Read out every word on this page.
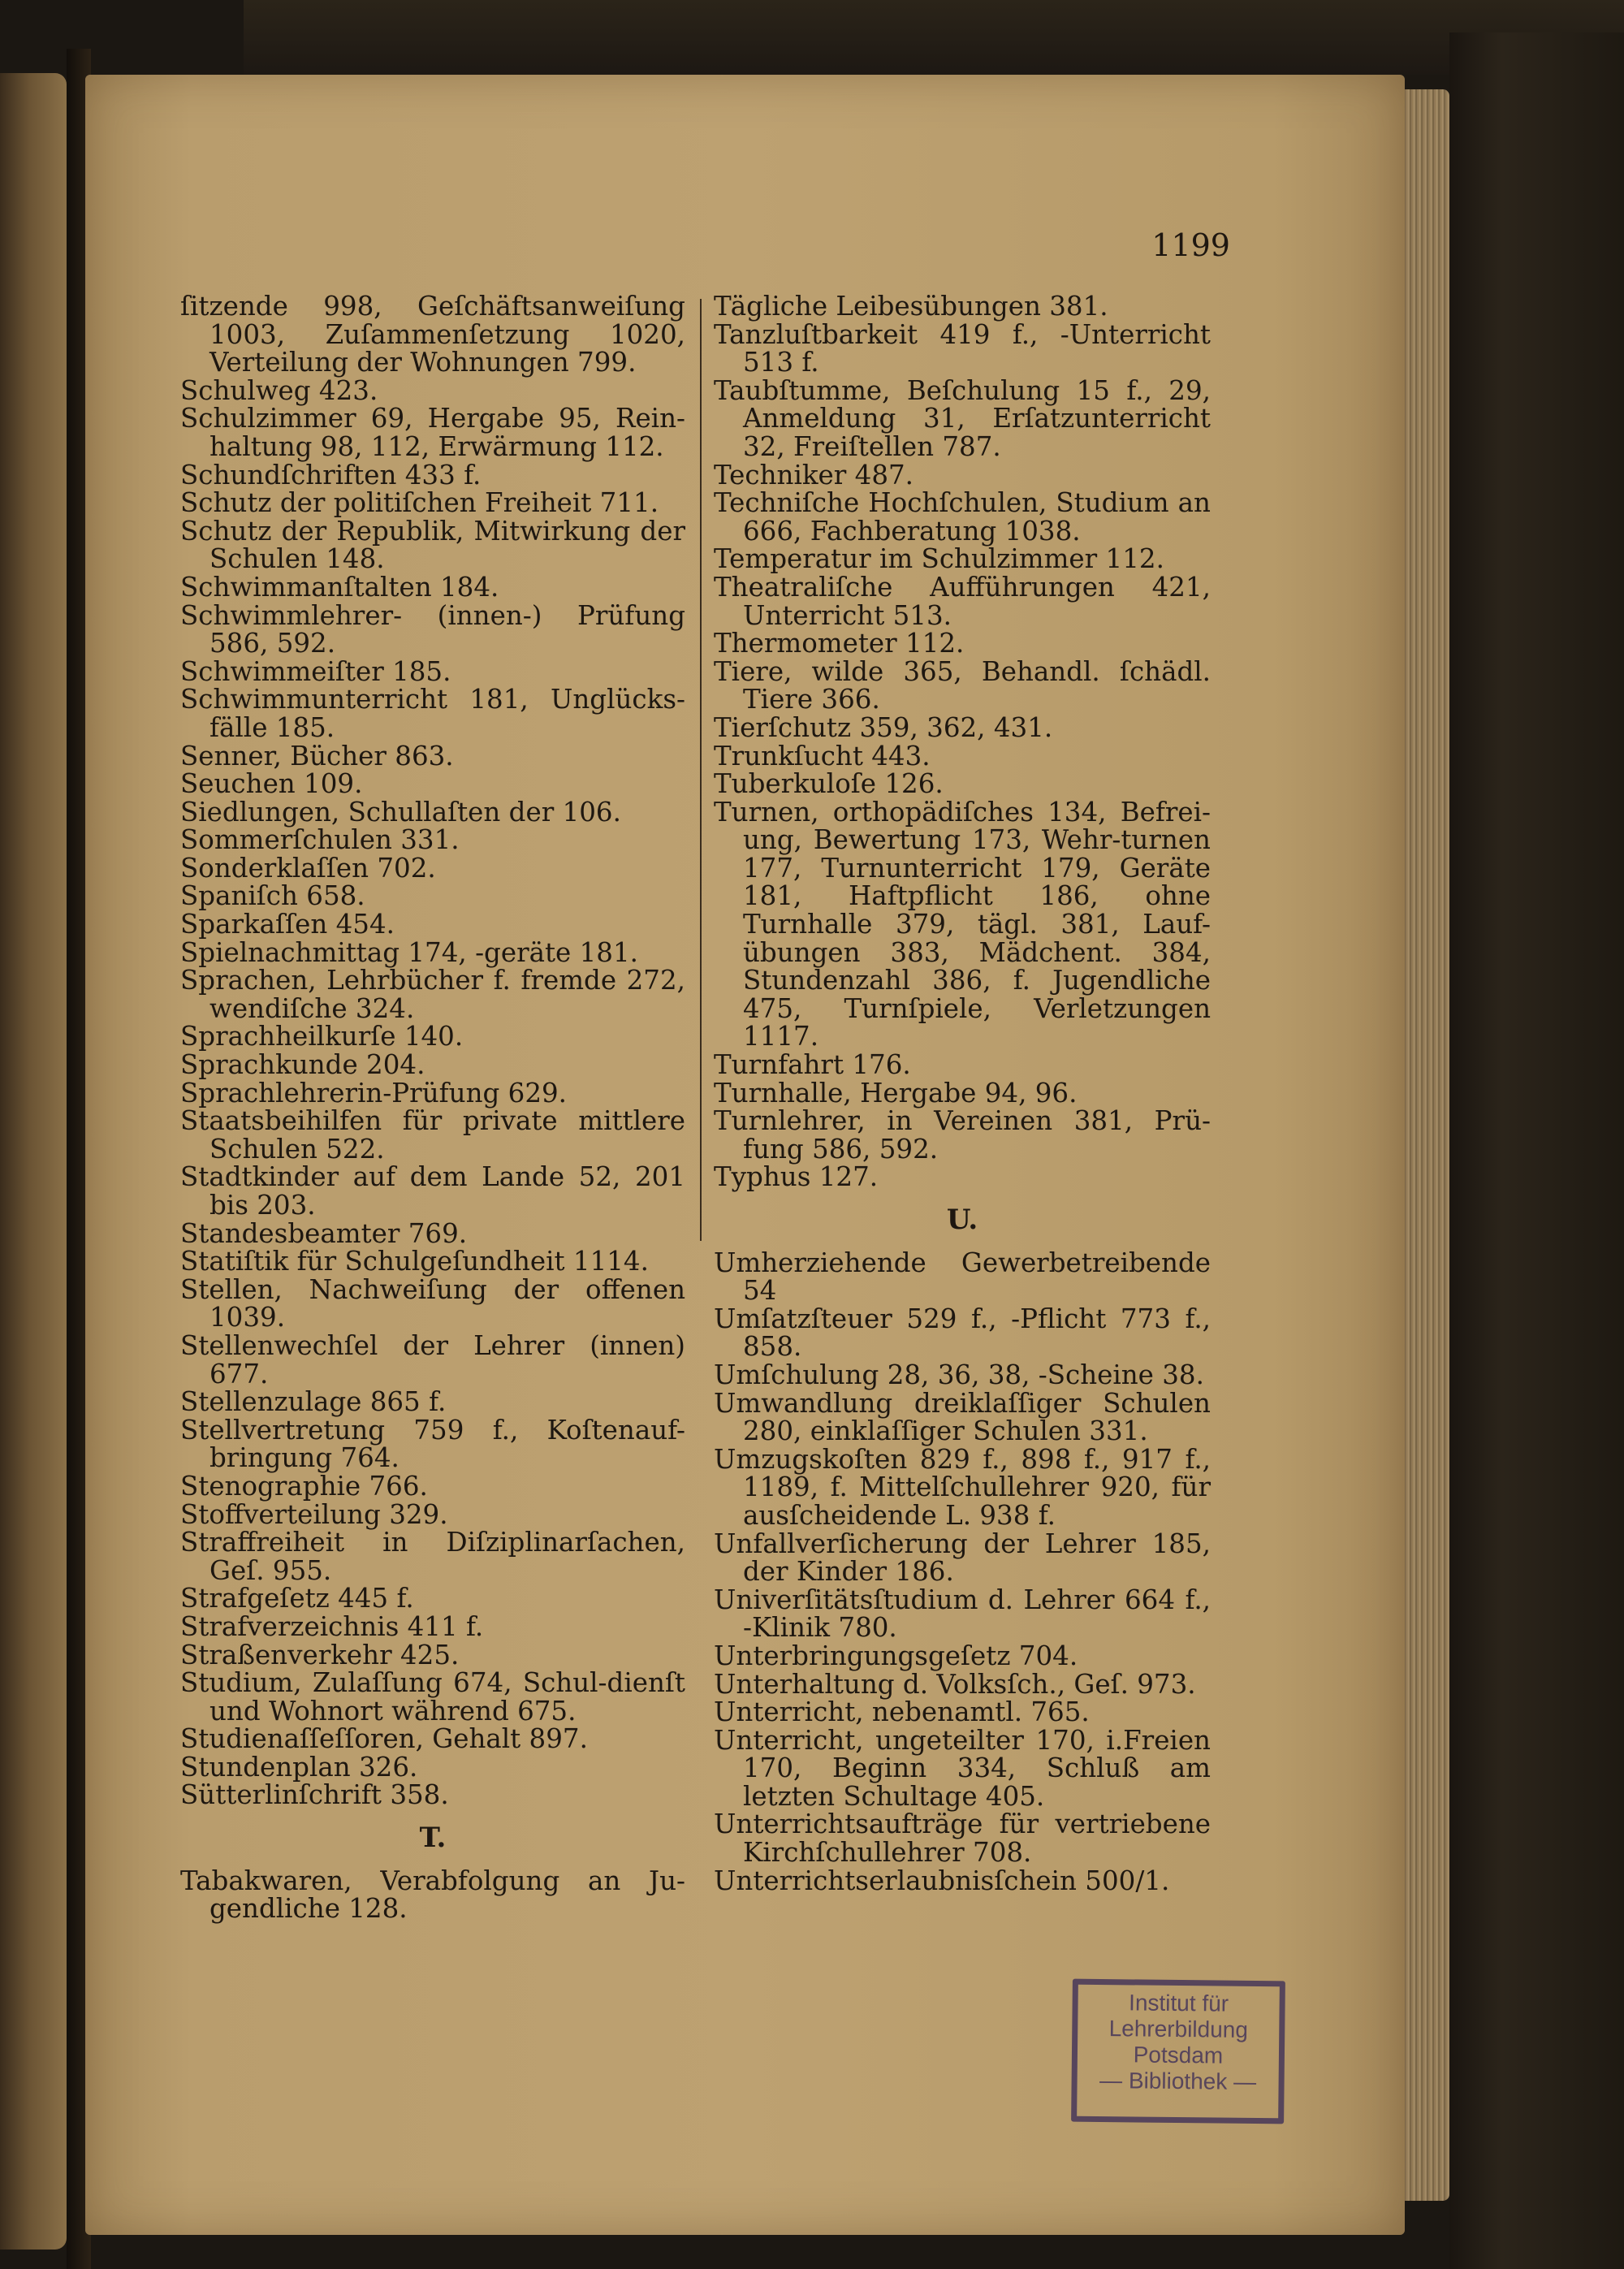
1199
ſitzende 998, Geſchäftsanweiſung 1003, Zuſammenſetzung 1020, Verteilung der Wohnungen 799.
Schulweg 423.
Schulzimmer 69, Hergabe 95, Rein-haltung 98, 112, Erwärmung 112.
Schundſchriften 433 f.
Schutz der politiſchen Freiheit 711.
Schutz der Republik, Mitwirkung der Schulen 148.
Schwimmanſtalten 184.
Schwimmlehrer- (innen-) Prüfung 586, 592.
Schwimmeiſter 185.
Schwimmunterricht 181, Unglücks-fälle 185.
Senner, Bücher 863.
Seuchen 109.
Siedlungen, Schullaſten der 106.
Sommerſchulen 331.
Sonderklaſſen 702.
Spaniſch 658.
Sparkaſſen 454.
Spielnachmittag 174, -geräte 181.
Sprachen, Lehrbücher f. fremde 272, wendiſche 324.
Sprachheilkurſe 140.
Sprachkunde 204.
Sprachlehrerin-Prüfung 629.
Staatsbeihilfen für private mittlere Schulen 522.
Stadtkinder auf dem Lande 52, 201 bis 203.
Standesbeamter 769.
Statiſtik für Schulgeſundheit 1114.
Stellen, Nachweiſung der offenen 1039.
Stellenwechſel der Lehrer (innen) 677.
Stellenzulage 865 f.
Stellvertretung 759 f., Koſtenauf-bringung 764.
Stenographie 766.
Stoffverteilung 329.
Straffreiheit in Diſziplinarſachen, Geſ. 955.
Strafgeſetz 445 f.
Strafverzeichnis 411 f.
Straßenverkehr 425.
Studium, Zulaſſung 674, Schul-dienſt und Wohnort während 675.
Studienaſſeſſoren, Gehalt 897.
Stundenplan 326.
Sütterlinſchrift 358.
T.
Tabakwaren, Verabfolgung an Ju-gendliche 128.
Tägliche Leibesübungen 381.
Tanzluſtbarkeit 419 f., -Unterricht 513 f.
Taubſtumme, Beſchulung 15 f., 29, Anmeldung 31, Erſatzunterricht 32, Freiſtellen 787.
Techniker 487.
Techniſche Hochſchulen, Studium an 666, Fachberatung 1038.
Temperatur im Schulzimmer 112.
Theatraliſche Aufführungen 421, Unterricht 513.
Thermometer 112.
Tiere, wilde 365, Behandl. ſchädl. Tiere 366.
Tierſchutz 359, 362, 431.
Trunkſucht 443.
Tuberkuloſe 126.
Turnen, orthopädiſches 134, Befrei-ung, Bewertung 173, Wehr-turnen 177, Turnunterricht 179, Geräte 181, Haftpflicht 186, ohne Turnhalle 379, tägl. 381, Lauf-übungen 383, Mädchent. 384, Stundenzahl 386, f. Jugendliche 475, Turnſpiele, Verletzungen 1117.
Turnfahrt 176.
Turnhalle, Hergabe 94, 96.
Turnlehrer, in Vereinen 381, Prü-fung 586, 592.
Typhus 127.
U.
Umherziehende Gewerbetreibende 54
Umſatzſteuer 529 f., -Pflicht 773 f., 858.
Umſchulung 28, 36, 38, -Scheine 38.
Umwandlung dreiklaſſiger Schulen 280, einklaſſiger Schulen 331.
Umzugskoſten 829 f., 898 f., 917 f., 1189, f. Mittelſchullehrer 920, für ausſcheidende L. 938 f.
Unfallverſicherung der Lehrer 185, der Kinder 186.
Univerſitätsſtudium d. Lehrer 664 f., -Klinik 780.
Unterbringungsgeſetz 704.
Unterhaltung d. Volksſch., Geſ. 973.
Unterricht, nebenamtl. 765.
Unterricht, ungeteilter 170, i.Freien 170, Beginn 334, Schluß am letzten Schultage 405.
Unterrichtsaufträge für vertriebene Kirchſchullehrer 708.
Unterrichtserlaubnisſchein 500/1.
Institut für
Lehrerbildung
Potsdam
— Bibliothek —
